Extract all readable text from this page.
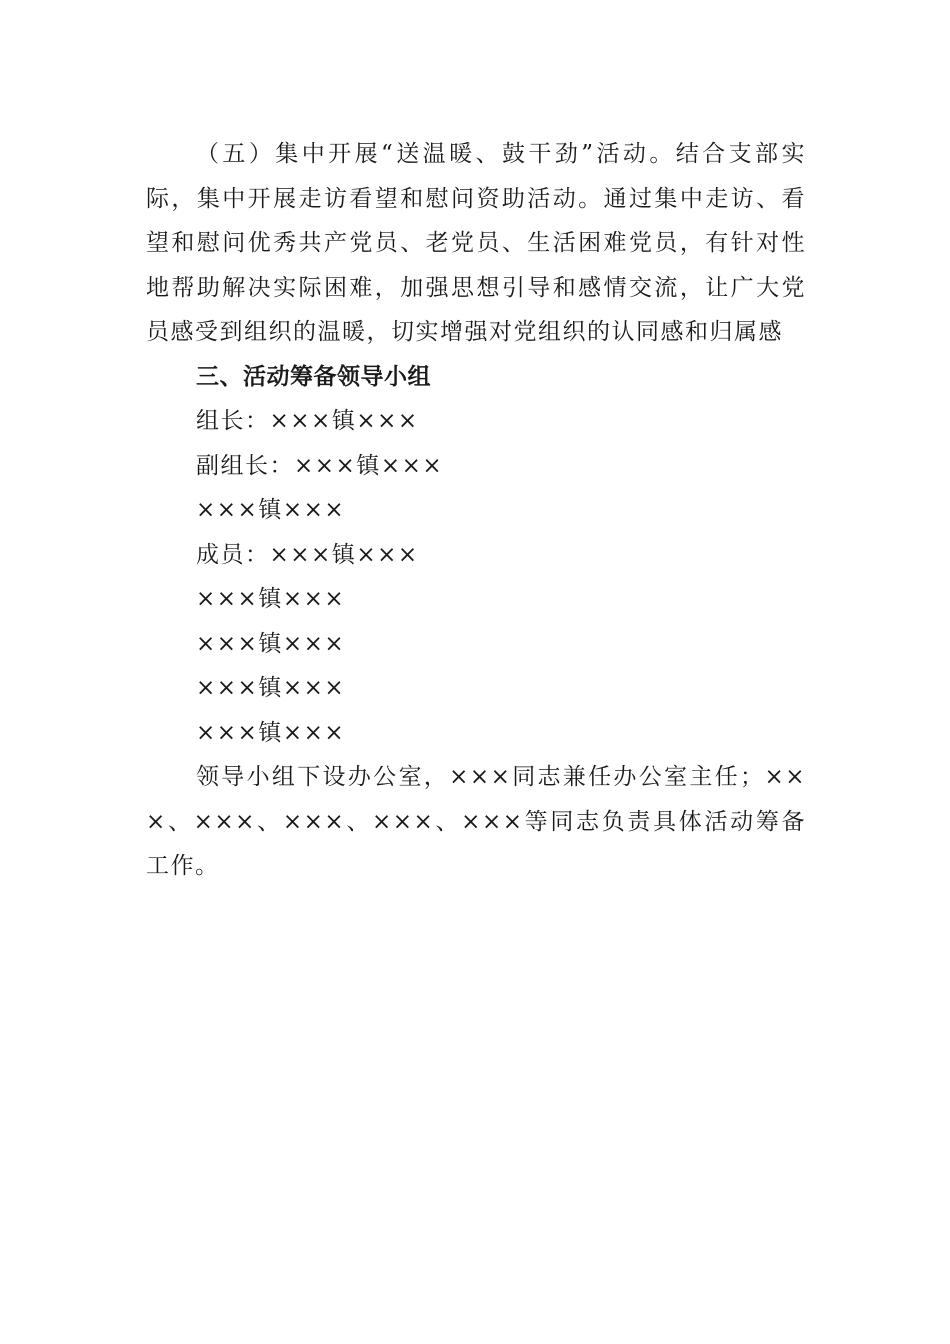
（五）集中开展“送温暖、鼓干劲”活动。结合支部实际，集中开展走访看望和慰问资助活动。通过集中走访、看望和慰问优秀共产党员、老党员、生活困难党员，有针对性地帮助解决实际困难，加强思想引导和感情交流，让广大党员感受到组织的温暖，切实增强对党组织的认同感和归属感

三、活动筹备领导小组

组长：×××镇×××

副组长：×××镇×××

×××镇×××

成员：×××镇×××

×××镇×××

×××镇×××

×××镇×××

×××镇×××

领导小组下设办公室，×××同志兼任办公室主任；×××、×××、×××、×××、×××等同志负责具体活动筹备工作。
